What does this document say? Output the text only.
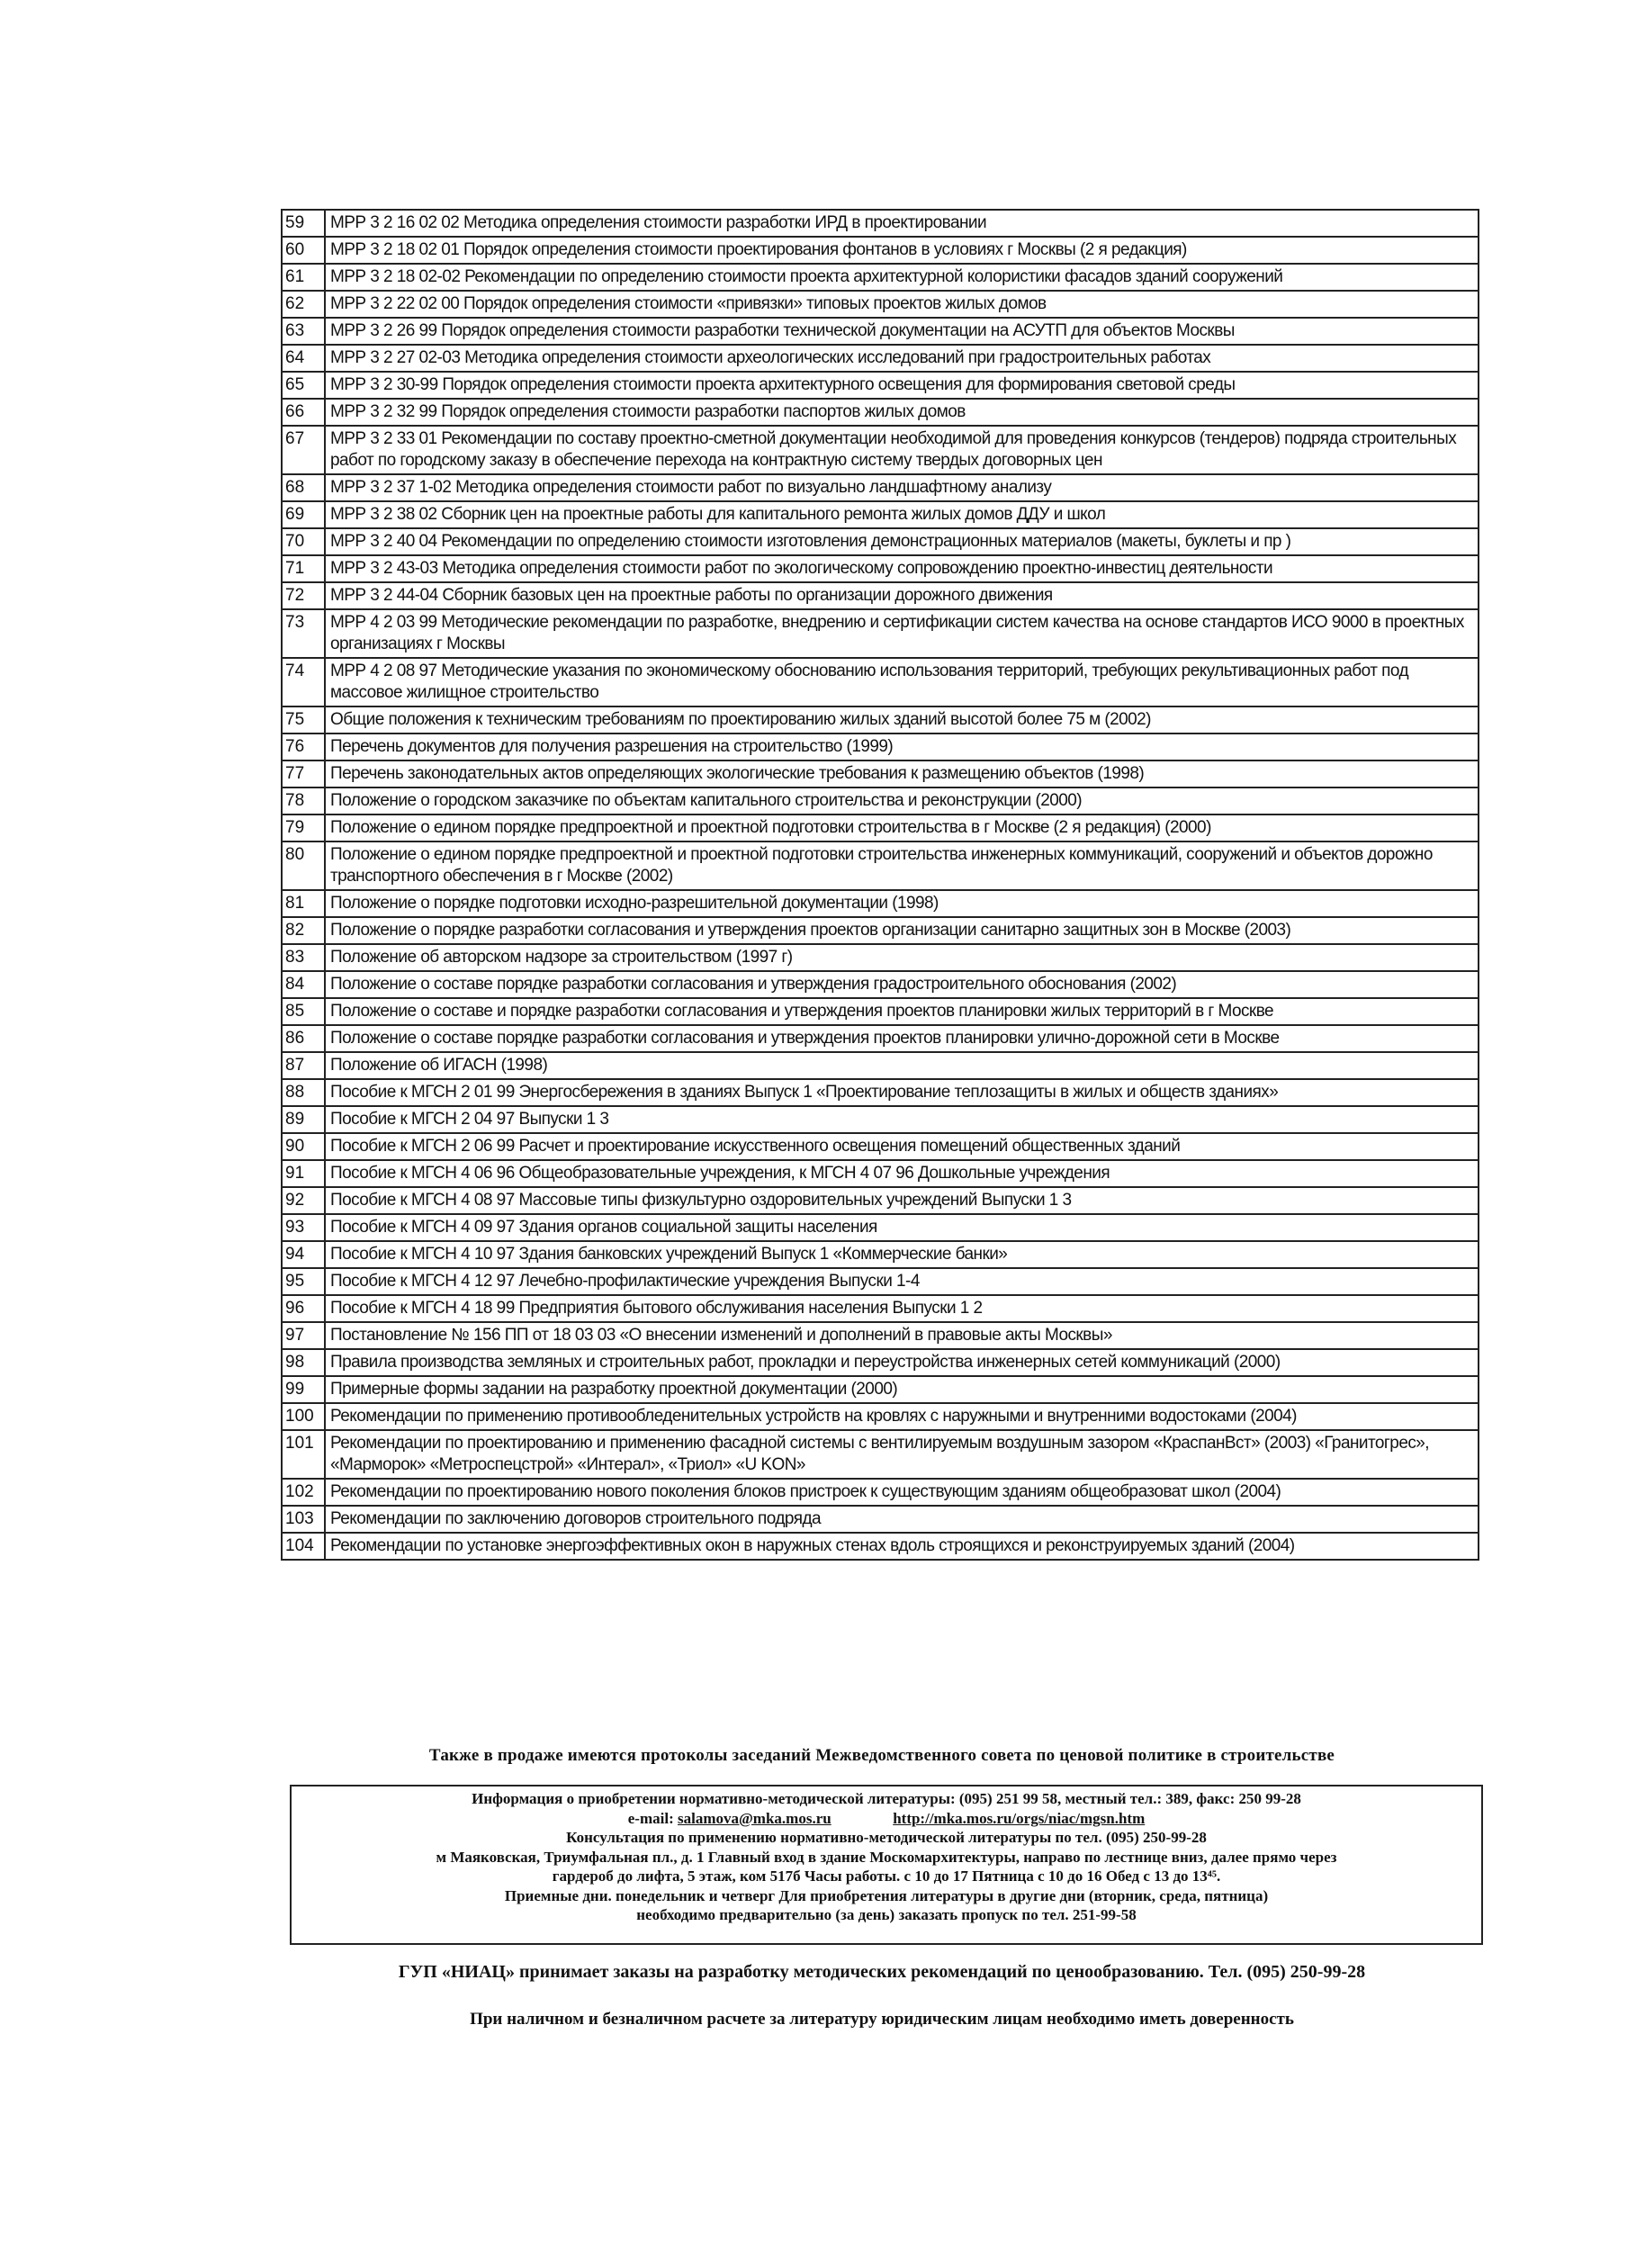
59	МРР 3 2 16 02 02 Методика определения стоимости разработки ИРД в проектировании
60	МРР 3 2 18 02 01 Порядок определения стоимости проектирования фонтанов в условиях г Москвы (2 я редакция)
61	МРР 3 2 18 02-02 Рекомендации по определению стоимости проекта архитектурной колористики фасадов зданий сооружений
62	МРР 3 2 22 02 00 Порядок определения стоимости «привязки» типовых проектов жилых домов
63	МРР 3 2 26 99 Порядок определения стоимости разработки технической документации на АСУТП для объектов Москвы
64	МРР 3 2 27 02-03 Методика определения стоимости археологических исследований при градостроительных работах
65	МРР 3 2 30-99 Порядок определения стоимости проекта архитектурного освещения для формирования световой среды
66	МРР 3 2 32 99 Порядок определения стоимости разработки паспортов жилых домов
67	МРР 3 2 33 01 Рекомендации по составу проектно-сметной документации необходимой для проведения конкурсов (тендеров) подряда строительных работ по городскому заказу в обеспечение перехода на контрактную систему твердых договорных цен
68	МРР 3 2 37 1-02 Методика определения стоимости работ по визуально ландшафтному анализу
69	МРР 3 2 38 02 Сборник цен на проектные работы для капитального ремонта жилых домов ДДУ и школ
70	МРР 3 2 40 04 Рекомендации по определению стоимости изготовления демонстрационных материалов (макеты, буклеты и пр )
71	МРР 3 2 43-03 Методика определения стоимости работ по экологическому сопровождению проектно-инвестиц деятельности
72	МРР 3 2 44-04 Сборник базовых цен на проектные работы по организации дорожного движения
73	МРР 4 2 03 99 Методические рекомендации по разработке, внедрению и сертификации систем качества на основе стандартов ИСО 9000 в проектных организациях г Москвы
74	МРР 4 2 08 97 Методические указания по экономическому обоснованию использования территорий, требующих рекультивационных работ под массовое жилищное строительство
75	Общие положения к техническим требованиям по проектированию жилых зданий высотой более 75 м (2002)
76	Перечень документов для получения разрешения на строительство (1999)
77	Перечень законодательных актов определяющих экологические требования к размещению объектов (1998)
78	Положение о городском заказчике по объектам капитального строительства и реконструкции (2000)
79	Положение о едином порядке предпроектной и проектной подготовки строительства в г Москве (2 я редакция) (2000)
80	Положение о едином порядке предпроектной и проектной подготовки строительства инженерных коммуникаций, сооружений и объектов дорожно транспортного обеспечения в г Москве (2002)
81	Положение о порядке подготовки исходно-разрешительной документации (1998)
82	Положение о порядке разработки согласования и утверждения проектов организации санитарно защитных зон в Москве (2003)
83	Положение об авторском надзоре за строительством (1997 г)
84	Положение о составе порядке разработки согласования и утверждения градостроительного обоснования (2002)
85	Положение о составе и порядке разработки согласования и утверждения проектов планировки жилых территорий в г Москве
86	Положение о составе порядке разработки согласования и утверждения проектов планировки улично-дорожной сети в Москве
87	Положение об ИГАСН (1998)
88	Пособие к МГСН 2 01 99 Энергосбережения в зданиях Выпуск 1 «Проектирование теплозащиты в жилых и обществ зданиях»
89	Пособие к МГСН 2 04 97 Выпуски 1 3
90	Пособие к МГСН 2 06 99 Расчет и проектирование искусственного освещения помещений общественных зданий
91	Пособие к МГСН 4 06 96 Общеобразовательные учреждения, к МГСН 4 07 96 Дошкольные учреждения
92	Пособие к МГСН 4 08 97 Массовые типы физкультурно оздоровительных учреждений Выпуски 1 3
93	Пособие к МГСН 4 09 97 Здания органов социальной защиты населения
94	Пособие к МГСН 4 10 97 Здания банковских учреждений Выпуск 1 «Коммерческие банки»
95	Пособие к МГСН 4 12 97 Лечебно-профилактические учреждения Выпуски 1-4
96	Пособие к МГСН 4 18 99 Предприятия бытового обслуживания населения Выпуски 1 2
97	Постановление № 156 ПП от 18 03 03 «О внесении изменений и дополнений в правовые акты Москвы»
98	Правила производства земляных и строительных работ, прокладки и переустройства инженерных сетей коммуникаций (2000)
99	Примерные формы задании на разработку проектной документации (2000)
100	Рекомендации по применению противообледенительных устройств на кровлях с наружными и внутренними водостоками (2004)
101	Рекомендации по проектированию и применению фасадной системы с вентилируемым воздушным зазором «КраспанВст» (2003) «Гранитогрес», «Марморок» «Метроспецстрой» «Интерал», «Триол» «U KON»
102	Рекомендации по проектированию нового поколения блоков пристроек к существующим зданиям общеобразоват школ (2004)
103	Рекомендации по заключению договоров строительного подряда
104	Рекомендации по установке энергоэффективных окон в наружных стенах вдоль строящихся и реконструируемых зданий (2004)
Также в продаже имеются протоколы заседаний Межведомственного совета по ценовой политике в строительстве
Информация о приобретении нормативно-методической литературы: (095) 251 99 58, местный тел.: 389, факс: 250 99-28
e-mail: salamova@mka.mos.ru	http://mka.mos.ru/orgs/niac/mgsn.htm
Консультация по применению нормативно-методической литературы по тел. (095) 250-99-28
м Маяковская, Триумфальная пл., д. 1 Главный вход в здание Москомархитектуры, направо по лестнице вниз, далее прямо через
гардероб до лифта, 5 этаж, ком 517б Часы работы. с 10 до 17 Пятница с 10 до 16 Обед с 13 до 13⁴⁵.
Приемные дни. понедельник и четверг Для приобретения литературы в другие дни (вторник, среда, пятница)
необходимо предварительно (за день) заказать пропуск по тел. 251-99-58
ГУП «НИАЦ» принимает заказы на разработку методических рекомендаций по ценообразованию. Тел. (095) 250-99-28
При наличном и безналичном расчете за литературу юридическим лицам необходимо иметь доверенность
